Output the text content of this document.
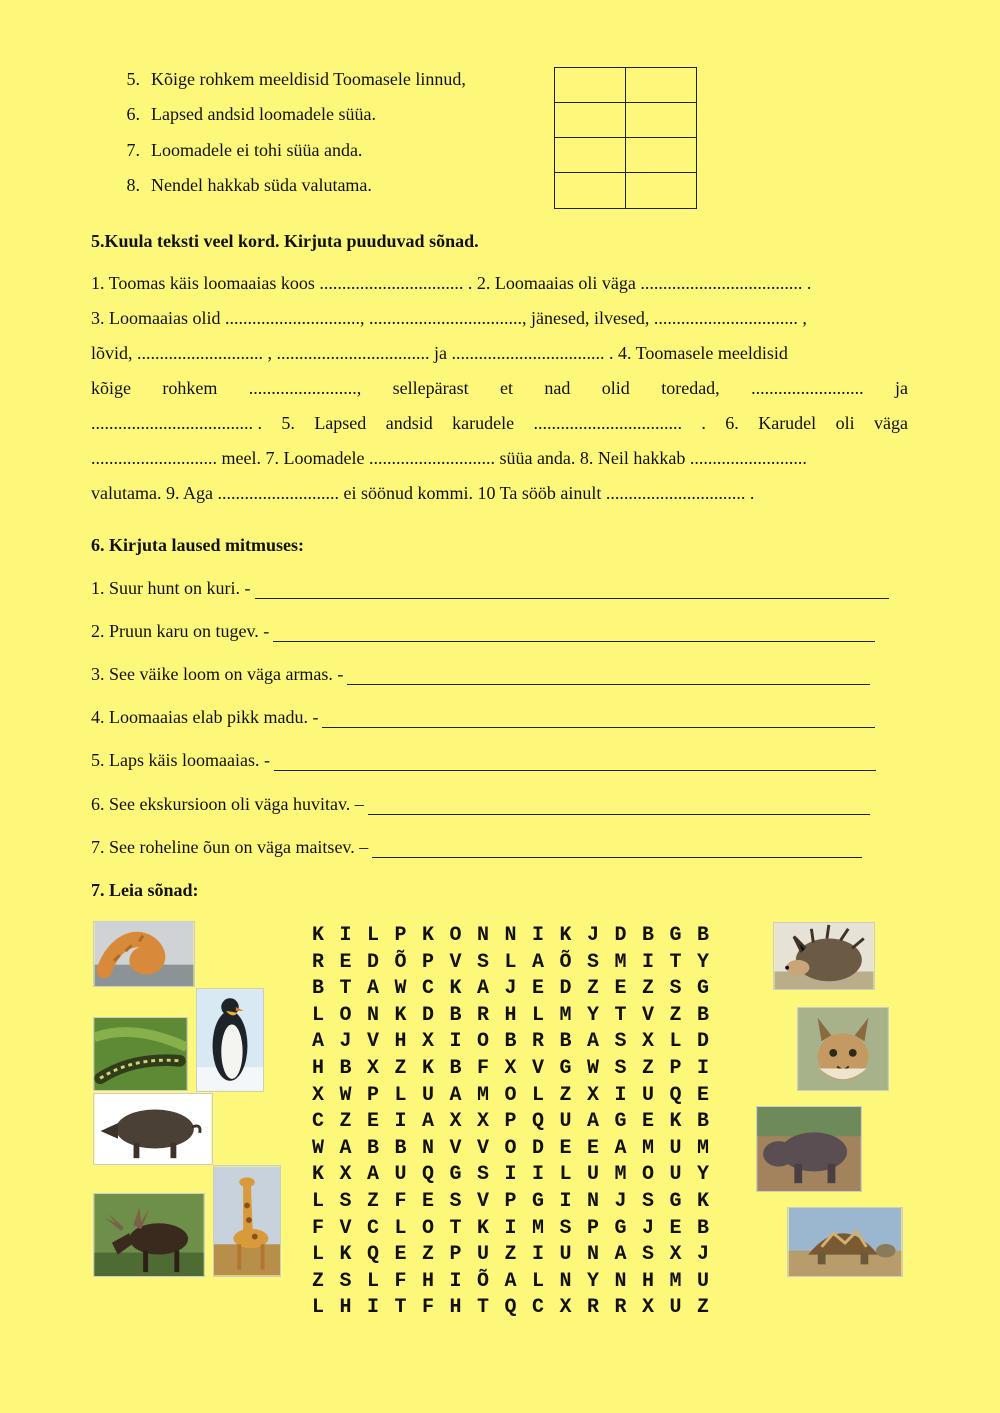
5. Kõige rohkem meeldisid Toomasele linnud,
6. Lapsed andsid loomadele süüa.
7. Loomadele ei tohi süüa anda.
8. Nendel hakkab süda valutama.
5.Kuula teksti veel kord. Kirjuta puuduvad sõnad.
1. Toomas käis loomaaias koos ................................ . 2. Loomaaias oli väga .................................... .
3. Loomaaias olid .............................., .................................., jänesed, ilvesed, ................................ ,
lõvid, ............................ , .................................. ja .................................. . 4. Toomasele meeldisid
kõige rohkem ........................, sellepärast et nad olid toredad, ......................... ja
.................................... . 5. Lapsed andsid karudele ................................. . 6. Karudel oli väga
............................ meel. 7. Loomadele ............................ süüa anda. 8. Neil hakkab ..........................
valutama. 9. Aga ........................... ei söönud kommi. 10 Ta sööb ainult ............................... .
6. Kirjuta laused mitmuses:
1. Suur hunt on kuri. -
2. Pruun karu on tugev. -
3. See väike loom on väga armas. -
4. Loomaaias elab pikk madu. -
5. Laps käis loomaaias. -
6. See ekskursioon oli väga huvitav. –
7. See roheline õun on väga maitsev. –
7. Leia sõnad:
K I L P K O N N I K J D B G B
R E D Õ P V S L A Õ S M I T Y
B T A W C K A J E D Z E Z S G
L O N K D B R H L M Y T V Z B
A J V H X I O B R B A S X L D
H B X Z K B F X V G W S Z P I
X W P L U A M O L Z X I U Q E
C Z E I A X X P Q U A G E K B
W A B B N V V O D E E A M U M
K X A U Q G S I I L U M O U Y
L S Z F E S V P G I N J S G K
F V C L O T K I M S P G J E B
L K Q E Z P U Z I U N A S X J
Z S L F H I Õ A L N Y N H M U
L H I T F H T Q C X R R X U Z
